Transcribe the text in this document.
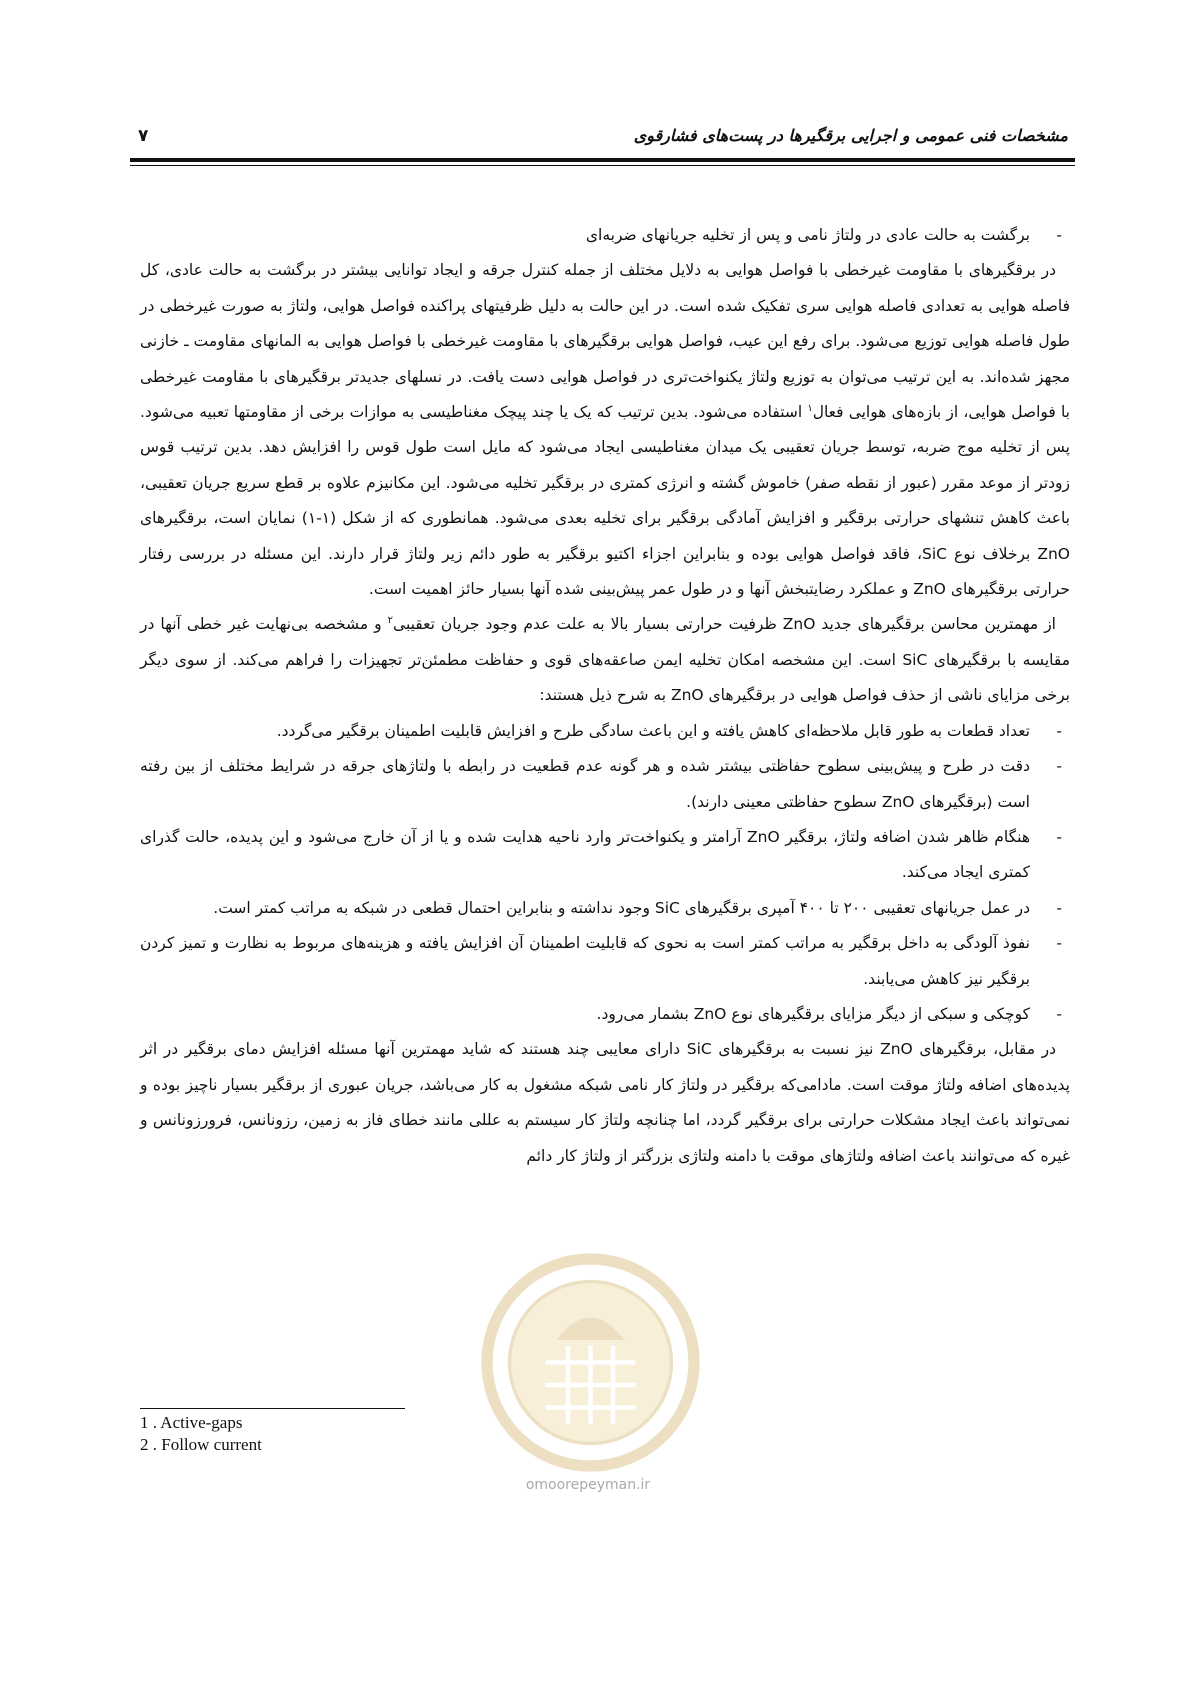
۷	مشخصات فنی عمومی و اجرایی برقگیرها در پست‌های فشارقوی

-
برگشت به حالت عادی در ولتاژ نامی و پس از تخلیه جریانهای ضربه‌ای

در برقگیرهای با مقاومت غیرخطی با فواصل هوایی به دلایل مختلف از جمله کنترل جرقه و ایجاد توانایی بیشتر در برگشت به حالت عادی، کل فاصله هوایی به تعدادی فاصله هوایی سری تفکیک شده است. در این حالت به دلیل ظرفیتهای پراکنده فواصل هوایی، ولتاژ به صورت غیرخطی در طول فاصله هوایی توزیع می‌شود. برای رفع این عیب، فواصل هوایی برقگیرهای با مقاومت غیرخطی با فواصل هوایی به المانهای مقاومت ـ خازنی مجهز شده‌اند. به این ترتیب می‌توان به توزیع ولتاژ یکنواخت‌تری در فواصل هوایی دست یافت. در نسلهای جدیدتر برقگیرهای با مقاومت غیرخطی با فواصل هوایی، از بازه‌های هوایی فعال$^۱$ استفاده می‌شود. بدین ترتیب که یک یا چند پیچک مغناطیسی به موازات برخی از مقاومتها تعبیه می‌شود. پس از تخلیه موج ضربه، توسط جریان تعقیبی یک میدان مغناطیسی ایجاد می‌شود که مایل است طول قوس را افزایش دهد. بدین ترتیب قوس زودتر از موعد مقرر (عبور از نقطه صفر) خاموش گشته و انرژی کمتری در برقگیر تخلیه می‌شود. این مکانیزم علاوه بر قطع سریع جریان تعقیبی، باعث کاهش تنشهای حرارتی برقگیر و افزایش آمادگی برقگیر برای تخلیه بعدی می‌شود. همانطوری که از شکل (۱-۱) نمایان است، برقگیرهای ZnO برخلاف نوع SiC، فاقد فواصل هوایی بوده و بنابراین اجزاء اکتیو برقگیر به طور دائم زیر ولتاژ قرار دارند. این مسئله در بررسی رفتار حرارتی برقگیرهای ZnO و عملکرد رضایتبخش آنها و در طول عمر پیش‌بینی شده آنها بسیار حائز اهمیت است.

از مهمترین محاسن برقگیرهای جدید ZnO ظرفیت حرارتی بسیار بالا به علت عدم وجود جریان تعقیبی$^۲$ و مشخصه بی‌نهایت غیر خطی آنها در مقایسه با برقگیرهای SiC است. این مشخصه امکان تخلیه ایمن صاعقه‌های قوی و حفاظت مطمئن‌تر تجهیزات را فراهم می‌کند. از سوی دیگر برخی مزایای ناشی از حذف فواصل هوایی در برقگیرهای ZnO به شرح ذیل هستند:

-
تعداد قطعات به طور قابل ملاحظه‌ای کاهش یافته و این باعث سادگی طرح و افزایش قابلیت اطمینان برقگیر می‌گردد.

-
دقت در طرح و پیش‌بینی سطوح حفاظتی بیشتر شده و هر گونه عدم قطعیت در رابطه با ولتاژهای جرقه در شرایط مختلف از بین رفته است (برقگیرهای ZnO سطوح حفاظتی معینی دارند).

-
هنگام ظاهر شدن اضافه ولتاژ، برقگیر ZnO آرامتر و یکنواخت‌تر وارد ناحیه هدایت شده و یا از آن خارج می‌شود و این پدیده، حالت گذرای کمتری ایجاد می‌کند.

-
در عمل جریانهای تعقیبی ۲۰۰ تا ۴۰۰ آمپری برقگیرهای SiC وجود نداشته و بنابراین احتمال قطعی در شبکه به مراتب کمتر است.

-
نفوذ آلودگی به داخل برقگیر به مراتب کمتر است به نحوی که قابلیت اطمینان آن افزایش یافته و هزینه‌های مربوط به نظارت و تمیز کردن برقگیر نیز کاهش می‌یابند.

-
کوچکی و سبکی از دیگر مزایای برقگیرهای نوع ZnO بشمار می‌رود.

در مقابل، برقگیرهای ZnO نیز نسبت به برقگیرهای SiC دارای معایبی چند هستند که شاید مهمترین آنها مسئله افزایش دمای برقگیر در اثر پدیده‌های اضافه ولتاژ موقت است. مادامی‌که برقگیر در ولتاژ کار نامی شبکه مشغول به کار می‌باشد، جریان عبوری از برقگیر بسیار ناچیز بوده و نمی‌تواند باعث ایجاد مشکلات حرارتی برای برقگیر گردد، اما چنانچه ولتاژ کار سیستم به عللی مانند خطای فاز به زمین، رزونانس، فرورزونانس و غیره که می‌توانند باعث اضافه ولتاژهای موقت با دامنه ولتاژی بزرگتر از ولتاژ کار دائم

omoorepeyman.ir
1 . Active-gaps
2 . Follow current
